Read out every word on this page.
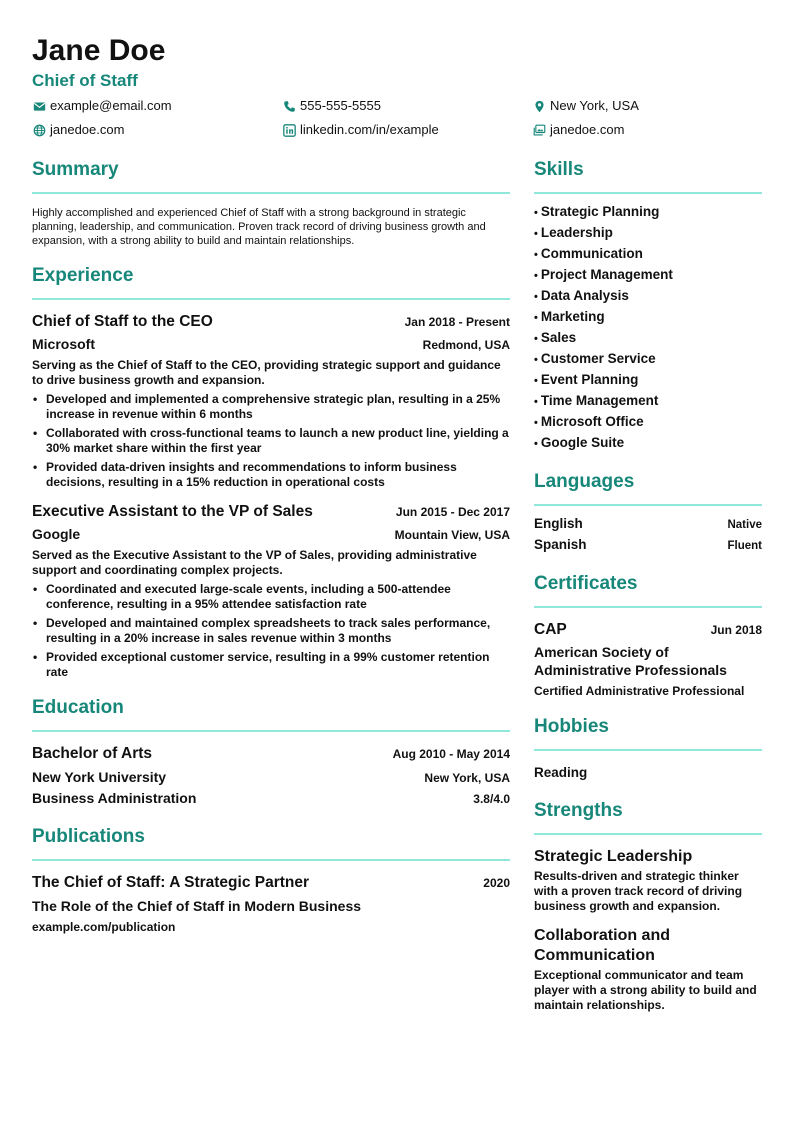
Jane Doe
Chief of Staff
example@email.com	555-555-5555	New York, USA
janedoe.com	linkedin.com/in/example	janedoe.com
Summary

Highly accomplished and experienced Chief of Staff with a strong background in strategic planning, leadership, and communication. Proven track record of driving business growth and expansion, with a strong ability to build and maintain relationships.

Experience
Chief of Staff to the CEO	Jan 2018 - Present
Microsoft	Redmond, USA
Serving as the Chief of Staff to the CEO, providing strategic support and guidance to drive business growth and expansion.
• Developed and implemented a comprehensive strategic plan, resulting in a 25% increase in revenue within 6 months
• Collaborated with cross-functional teams to launch a new product line, yielding a 30% market share within the first year
• Provided data-driven insights and recommendations to inform business decisions, resulting in a 15% reduction in operational costs
Executive Assistant to the VP of Sales	Jun 2015 - Dec 2017
Google	Mountain View, USA
Served as the Executive Assistant to the VP of Sales, providing administrative support and coordinating complex projects.
• Coordinated and executed large-scale events, including a 500-attendee conference, resulting in a 95% attendee satisfaction rate
• Developed and maintained complex spreadsheets to track sales performance, resulting in a 20% increase in sales revenue within 3 months
• Provided exceptional customer service, resulting in a 99% customer retention rate
Education
Bachelor of Arts	Aug 2010 - May 2014
New York University	New York, USA
Business Administration	3.8/4.0
Publications
The Chief of Staff: A Strategic Partner	2020
The Role of the Chief of Staff in Modern Business
example.com/publication
Skills
• Strategic Planning
• Leadership
• Communication
• Project Management
• Data Analysis
• Marketing
• Sales
• Customer Service
• Event Planning
• Time Management
• Microsoft Office
• Google Suite
Languages
English	Native
Spanish	Fluent
Certificates
CAP	Jun 2018
American Society of Administrative Professionals
Certified Administrative Professional
Hobbies
Reading
Strengths
Strategic Leadership
Results-driven and strategic thinker with a proven track record of driving business growth and expansion.
Collaboration and Communication
Exceptional communicator and team player with a strong ability to build and maintain relationships.
